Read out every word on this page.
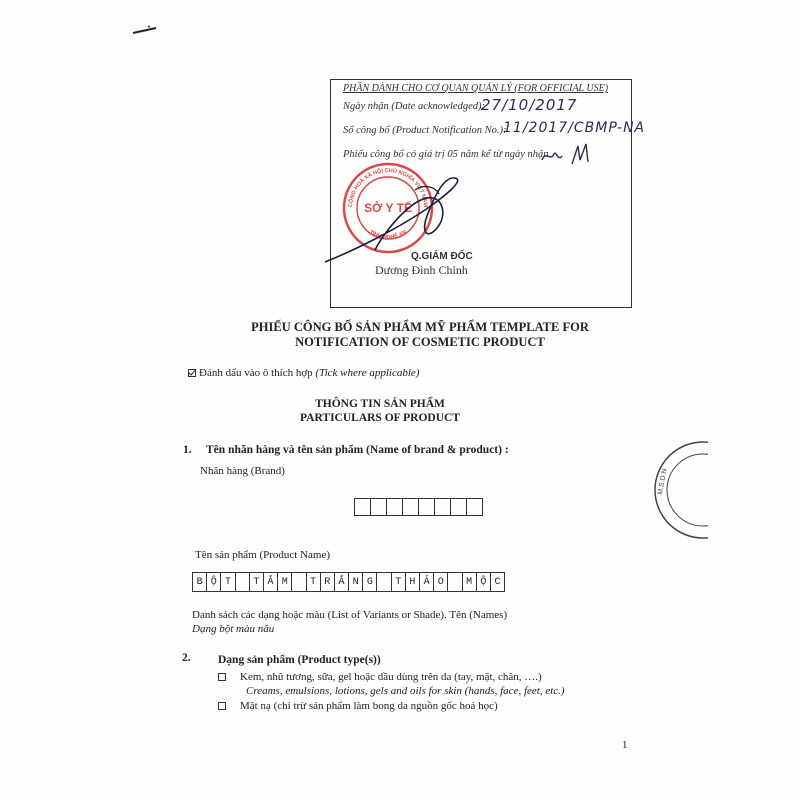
PHẦN DÀNH CHO CƠ QUAN QUẢN LÝ (FOR OFFICIAL USE)
Ngày nhận (Date acknowledged):
27/10/2017
Số công bố (Product Notification No.):
11/2017/CBMP-NA
Phiếu công bố có giá trị 05 năm kể từ ngày nhận.
CỘNG HOÀ XÃ HỘI CHỦ NGHĨA VIỆT NAM
TỈNH NGHỆ AN
SỞ Y TẾ
Q.GIÁM ĐỐC
Dương Đình Chỉnh
PHIẾU CÔNG BỐ SẢN PHẨM MỸ PHẨM TEMPLATE FOR
NOTIFICATION OF COSMETIC PRODUCT
Đánh dấu vào ô thích hợp (Tick where applicable)
THÔNG TIN SẢN PHẨM
PARTICULARS OF PRODUCT
1. Tên nhãn hàng và tên sản phẩm (Name of brand & product) :
Nhãn hàng (Brand)
Tên sản phẩm (Product Name)
B Ộ T	T Ắ M	T R Ắ N G	T H Ả O	M Ộ C
Danh sách các dạng hoặc màu (List of Variants or Shade). Tên (Names)
Dạng bột màu nâu
2. Dạng sản phẩm (Product type(s))
Kem, nhũ tương, sữa, gel hoặc dầu dùng trên da (tay, mặt, chân, ….)
Creams, emulsions, lotions, gels and oils for skin (hands, face, feet, etc.)
Mặt nạ (chỉ trừ sản phẩm làm bong da nguồn gốc hoá học)
M.S.D.N
1
